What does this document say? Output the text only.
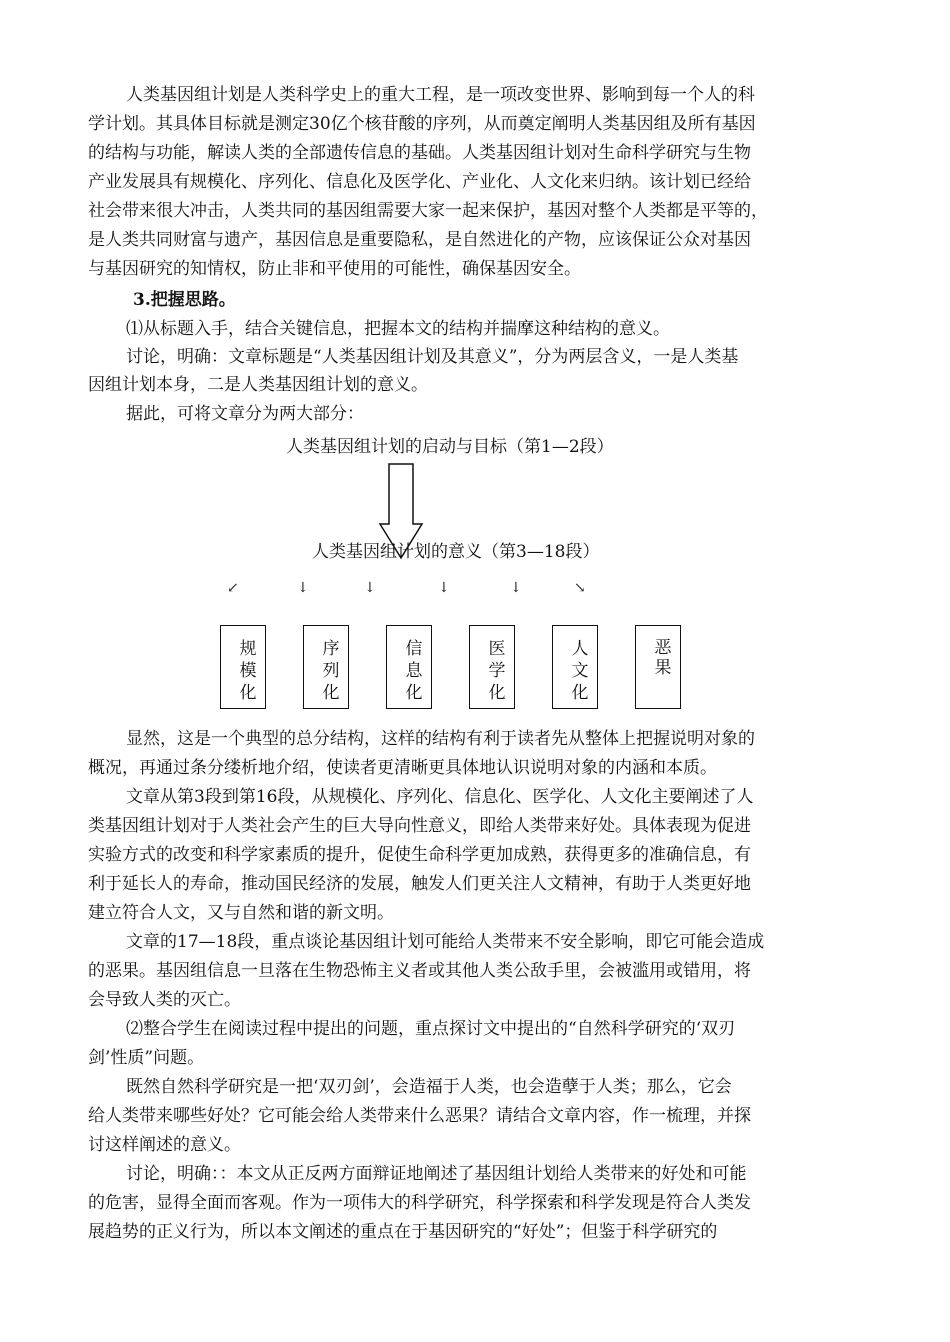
人类基因组计划是人类科学史上的重大工程，是一项改变世界、影响到每一个人的科
学计划。其具体目标就是测定30亿个核苷酸的序列，从而奠定阐明人类基因组及所有基因
的结构与功能，解读人类的全部遗传信息的基础。人类基因组计划对生命科学研究与生物
产业发展具有规模化、序列化、信息化及医学化、产业化、人文化来归纳。该计划已经给
社会带来很大冲击，人类共同的基因组需要大家一起来保护，基因对整个人类都是平等的，
是人类共同财富与遗产，基因信息是重要隐私，是自然进化的产物，应该保证公众对基因
与基因研究的知情权，防止非和平使用的可能性，确保基因安全。
3.把握思路。
⑴从标题入手，结合关键信息，把握本文的结构并揣摩这种结构的意义。
讨论，明确：文章标题是“人类基因组计划及其意义”，分为两层含义，一是人类基
因组计划本身，二是人类基因组计划的意义。
据此，可将文章分为两大部分：
人类基因组计划的启动与目标（第1—2段）
人类基因组计划的意义（第3—18段）
↙	↓	↓	↓	↓	↘
规模化
序列化
信息化
医学化
人文化
恶 果
显然，这是一个典型的总分结构，这样的结构有利于读者先从整体上把握说明对象的
概况，再通过条分缕析地介绍，使读者更清晰更具体地认识说明对象的内涵和本质。
文章从第3段到第16段，从规模化、序列化、信息化、医学化、人文化主要阐述了人
类基因组计划对于人类社会产生的巨大导向性意义，即给人类带来好处。具体表现为促进
实验方式的改变和科学家素质的提升，促使生命科学更加成熟，获得更多的准确信息，有
利于延长人的寿命，推动国民经济的发展，触发人们更关注人文精神，有助于人类更好地
建立符合人文，又与自然和谐的新文明。
文章的17—18段，重点谈论基因组计划可能给人类带来不安全影响，即它可能会造成
的恶果。基因组信息一旦落在生物恐怖主义者或其他人类公敌手里，会被滥用或错用，将
会导致人类的灭亡。
⑵整合学生在阅读过程中提出的问题，重点探讨文中提出的“自然科学研究的‘双刃
剑’性质”问题。
既然自然科学研究是一把‘双刃剑’，会造福于人类，也会造孽于人类；那么，它会
给人类带来哪些好处？它可能会给人类带来什么恶果？请结合文章内容，作一梳理，并探
讨这样阐述的意义。
讨论，明确：：本文从正反两方面辩证地阐述了基因组计划给人类带来的好处和可能
的危害，显得全面而客观。作为一项伟大的科学研究，科学探索和科学发现是符合人类发
展趋势的正义行为，所以本文阐述的重点在于基因研究的“好处”；但鉴于科学研究的
